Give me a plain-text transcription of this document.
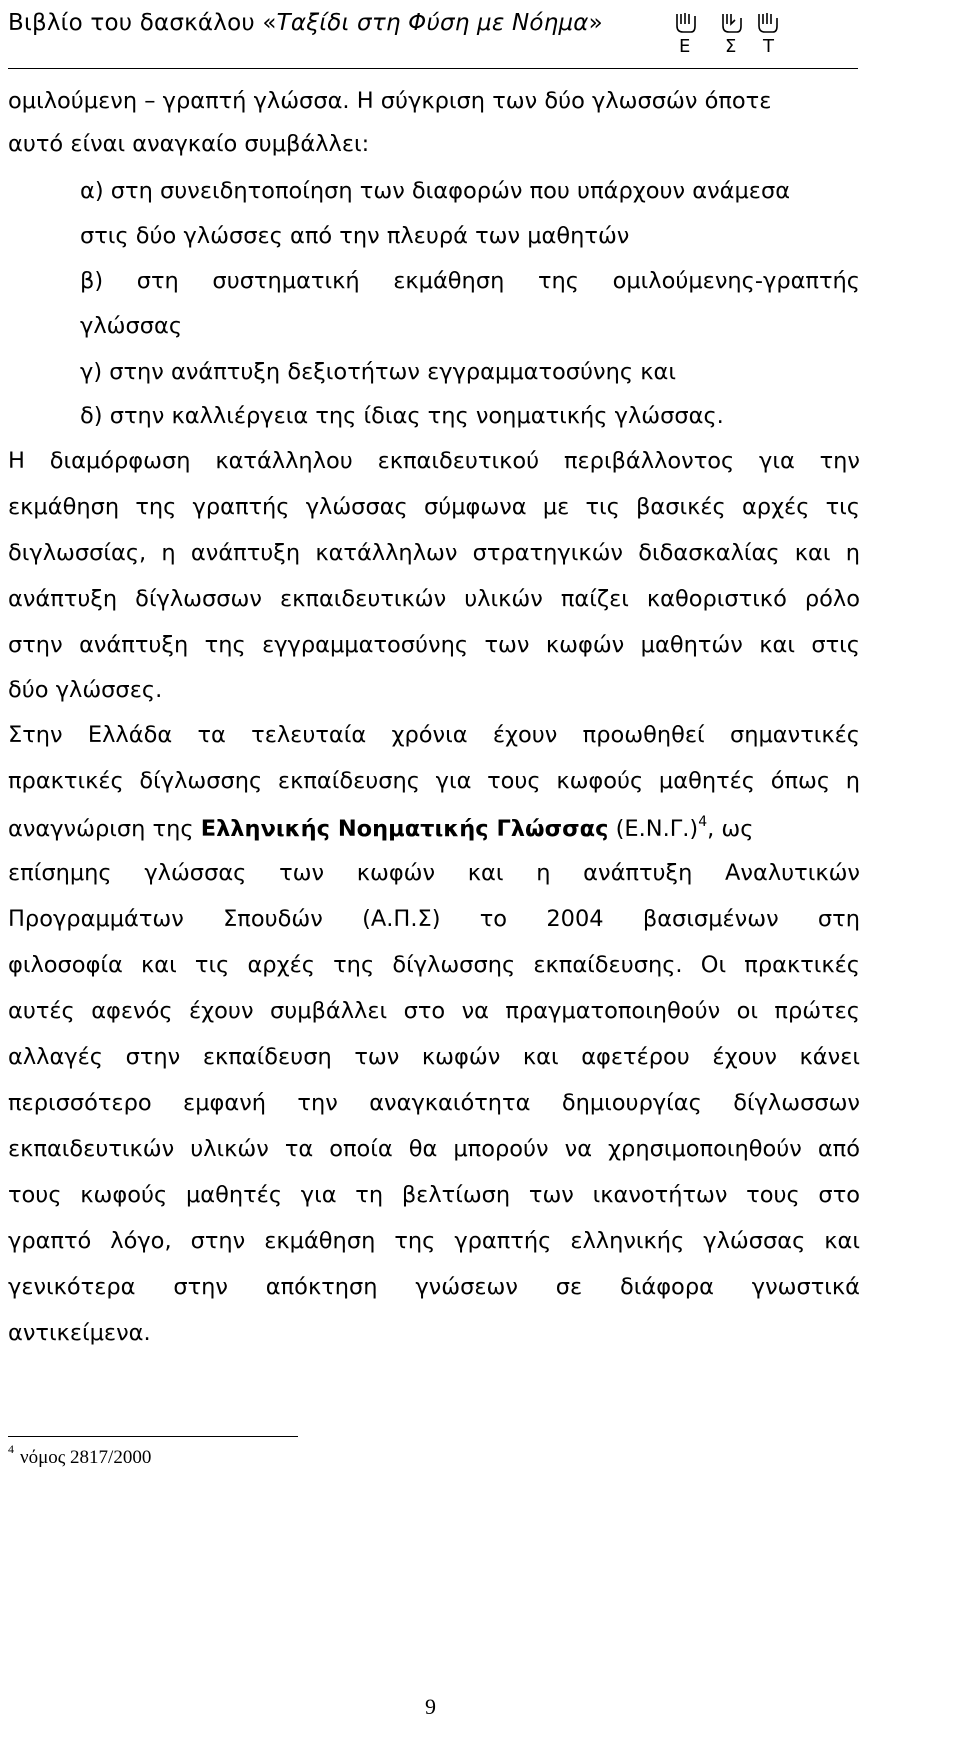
Βιβλίο του δασκάλου «Ταξίδι στη Φύση με Νόημα»
Ε Σ Τ
ομιλούμενη – γραπτή γλώσσα. Η σύγκριση των δύο γλωσσών όποτε
αυτό είναι αναγκαίο συμβάλλει:
α) στη συνειδητοποίηση των διαφορών που υπάρχουν ανάμεσα
στις δύο γλώσσες από την πλευρά των μαθητών
β) στη συστηματική εκμάθηση της ομιλούμενης-γραπτής
γλώσσας
γ) στην ανάπτυξη δεξιοτήτων εγγραμματοσύνης και
δ) στην καλλιέργεια της ίδιας της νοηματικής γλώσσας.
Η διαμόρφωση κατάλληλου εκπαιδευτικού περιβάλλοντος για την
εκμάθηση της γραπτής γλώσσας σύμφωνα με τις βασικές αρχές τις
διγλωσσίας, η ανάπτυξη κατάλληλων στρατηγικών διδασκαλίας και η
ανάπτυξη δίγλωσσων εκπαιδευτικών υλικών παίζει καθοριστικό ρόλο
στην ανάπτυξη της εγγραμματοσύνης των κωφών μαθητών και στις
δύο γλώσσες.
Στην Ελλάδα τα τελευταία χρόνια έχουν προωθηθεί σημαντικές
πρακτικές δίγλωσσης εκπαίδευσης για τους κωφούς μαθητές όπως η
αναγνώριση της Ελληνικής Νοηματικής Γλώσσας (Ε.Ν.Γ.)$^4$, ως
επίσημης γλώσσας των κωφών και η ανάπτυξη Αναλυτικών
Προγραμμάτων Σπουδών (Α.Π.Σ) το 2004 βασισμένων στη
φιλοσοφία και τις αρχές της δίγλωσσης εκπαίδευσης. Οι πρακτικές
αυτές αφενός έχουν συμβάλλει στο να πραγματοποιηθούν οι πρώτες
αλλαγές στην εκπαίδευση των κωφών και αφετέρου έχουν κάνει
περισσότερο εμφανή την αναγκαιότητα δημιουργίας δίγλωσσων
εκπαιδευτικών υλικών τα οποία θα μπορούν να χρησιμοποιηθούν από
τους κωφούς μαθητές για τη βελτίωση των ικανοτήτων τους στο
γραπτό λόγο, στην εκμάθηση της γραπτής ελληνικής γλώσσας και
γενικότερα στην απόκτηση γνώσεων σε διάφορα γνωστικά
αντικείμενα.
$^4$ νόμος 2817/2000
9
